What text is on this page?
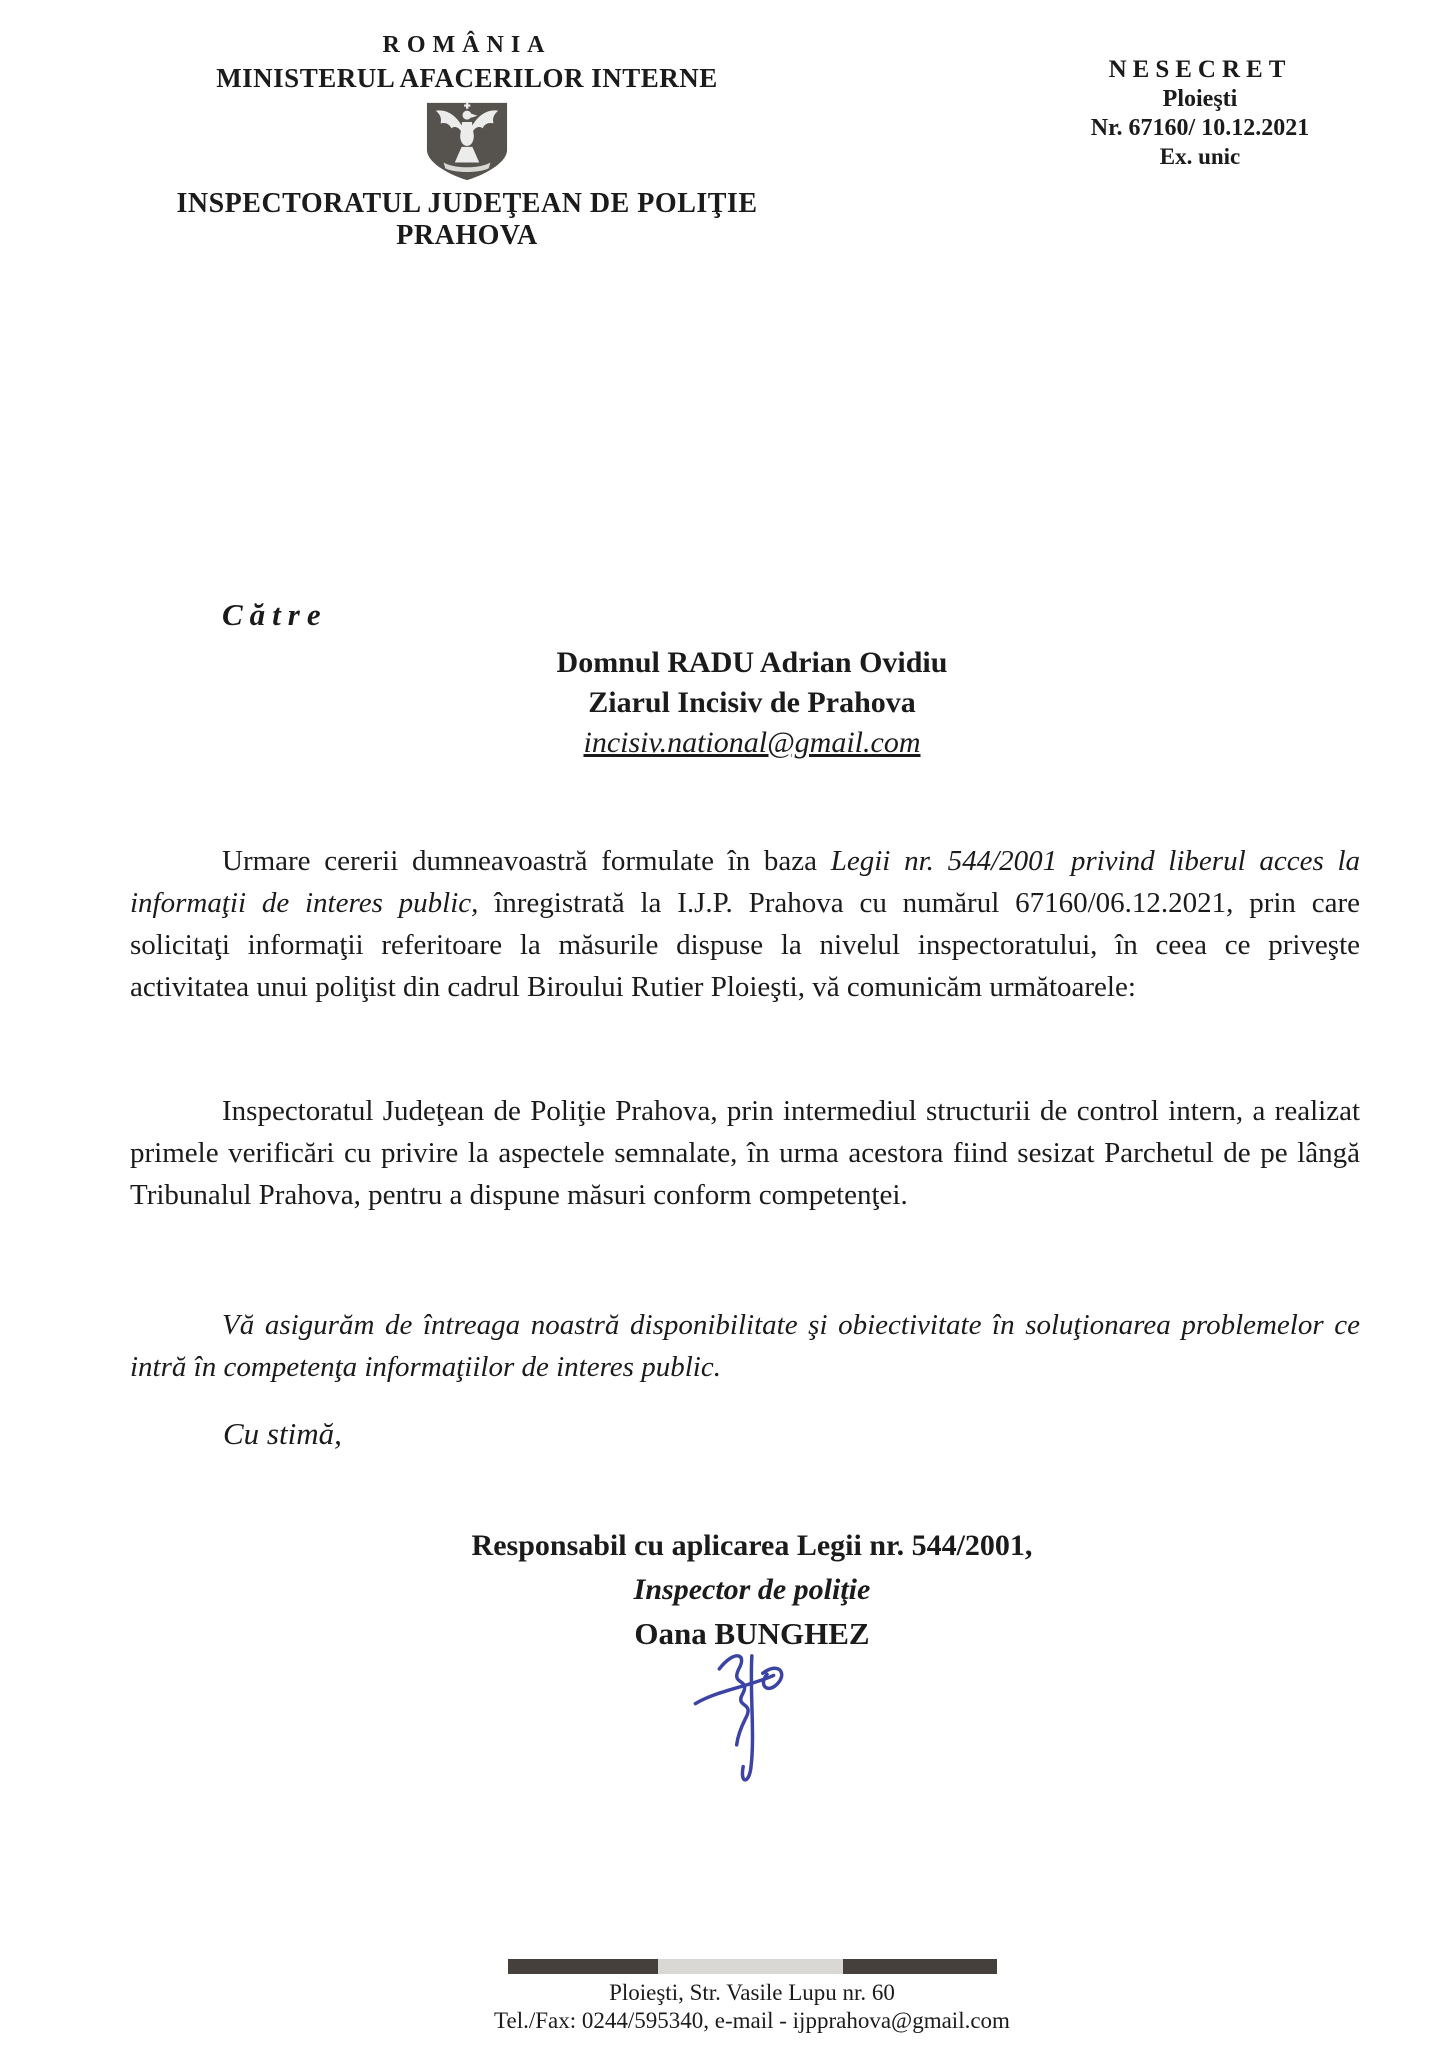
ROMÂNIA
MINISTERUL AFACERILOR INTERNE
INSPECTORATUL JUDEŢEAN DE POLIŢIE PRAHOVA
NESECRET
Ploieşti
Nr. 67160/ 10.12.2021
Ex. unic
Către
Domnul RADU Adrian Ovidiu
Ziarul Incisiv de Prahova
incisiv.national@gmail.com

Urmare cererii dumneavoastră formulate în baza Legii nr. 544/2001 privind liberul acces la informaţii de interes public, înregistrată la I.J.P. Prahova cu numărul 67160/06.12.2021, prin care solicitaţi informaţii referitoare la măsurile dispuse la nivelul inspectoratului, în ceea ce priveşte activitatea unui poliţist din cadrul Biroului Rutier Ploieşti, vă comunicăm următoarele:

Inspectoratul Judeţean de Poliţie Prahova, prin intermediul structurii de control intern, a realizat primele verificări cu privire la aspectele semnalate, în urma acestora fiind sesizat Parchetul de pe lângă Tribunalul Prahova, pentru a dispune măsuri conform competenţei.

Vă asigurăm de întreaga noastră disponibilitate şi obiectivitate în soluţionarea problemelor ce intră în competenţa informaţiilor de interes public.

Cu stimă,
Responsabil cu aplicarea Legii nr. 544/2001,
Inspector de poliţie
Oana BUNGHEZ
Ploieşti, Str. Vasile Lupu nr. 60
Tel./Fax: 0244/595340, e-mail - ijpprahova@gmail.com
